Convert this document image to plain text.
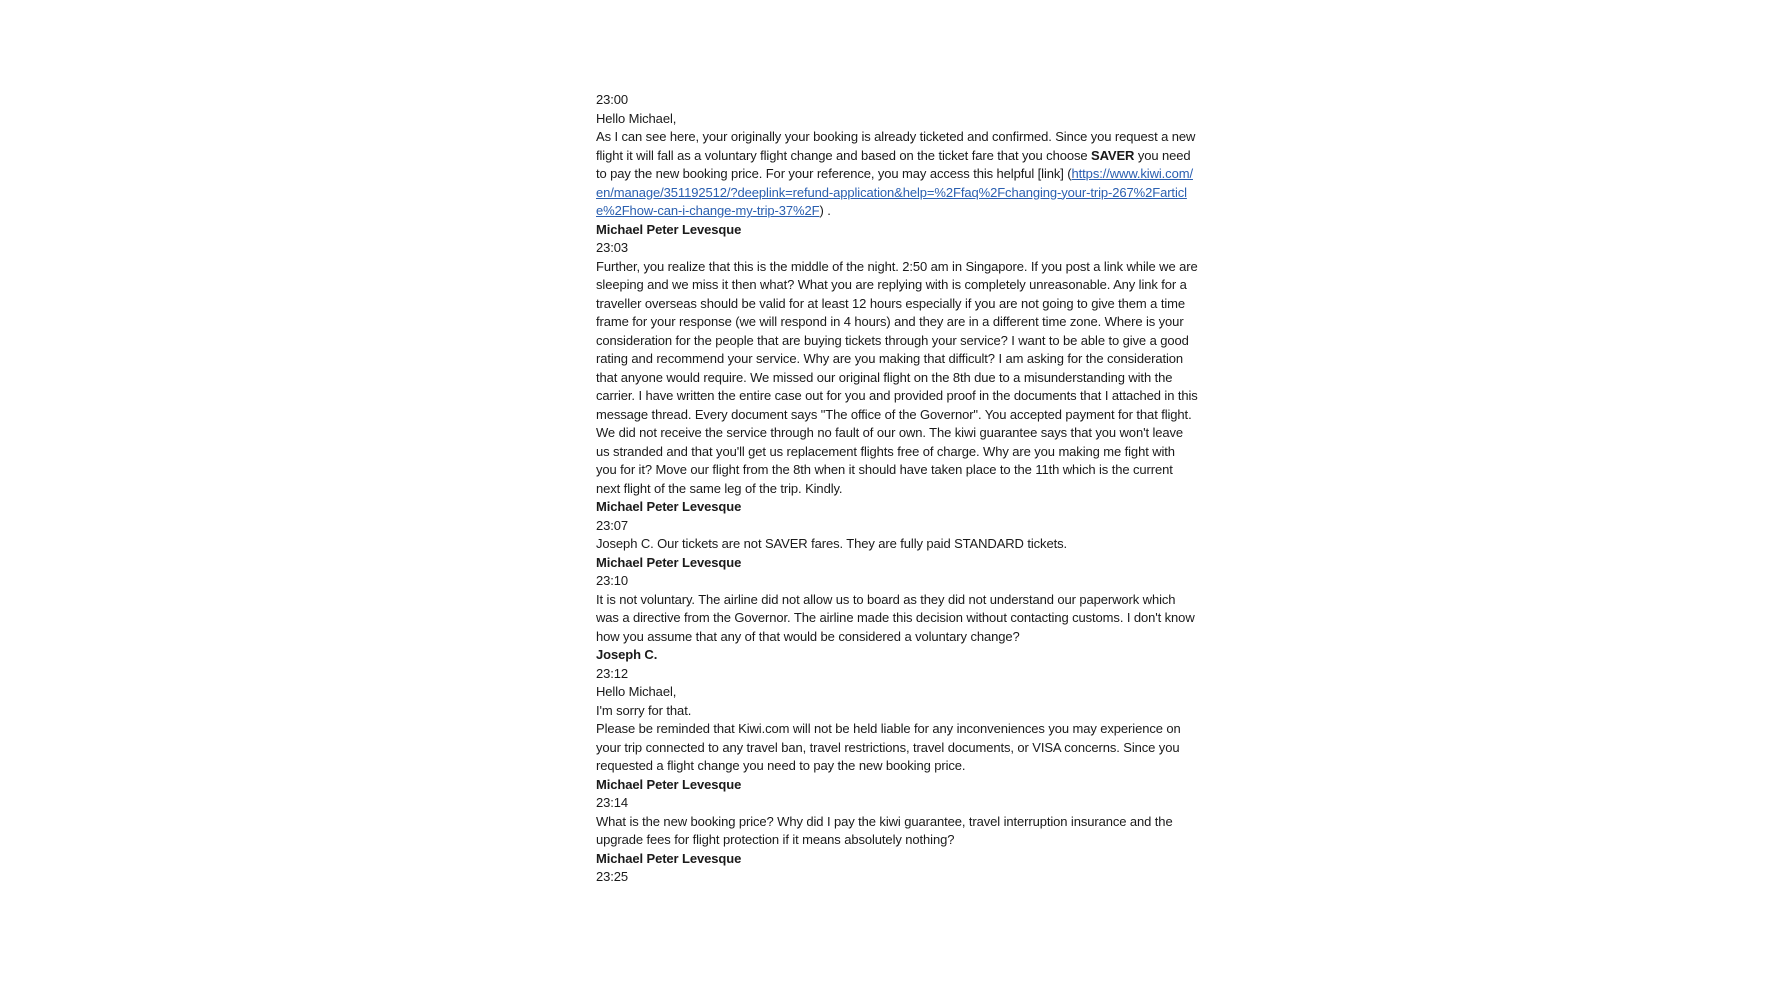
23:00

Hello Michael,

As I can see here, your originally your booking is already ticketed and confirmed. Since you request a new flight it will fall as a voluntary flight change and based on the ticket fare that you choose SAVER you need to pay the new booking price. For your reference, you may access this helpful [link] (https://www.kiwi.com/en/manage/351192512/?deeplink=refund-application&help=%2Ffaq%2Fchanging-your-trip-267%2Farticle%2Fhow-can-i-change-my-trip-37%2F) .

Michael Peter Levesque

23:03

Further, you realize that this is the middle of the night. 2:50 am in Singapore. If you post a link while we are sleeping and we miss it then what? What you are replying with is completely unreasonable. Any link for a traveller overseas should be valid for at least 12 hours especially if you are not going to give them a time frame for your response (we will respond in 4 hours) and they are in a different time zone. Where is your consideration for the people that are buying tickets through your service? I want to be able to give a good rating and recommend your service. Why are you making that difficult? I am asking for the consideration that anyone would require. We missed our original flight on the 8th due to a misunderstanding with the carrier. I have written the entire case out for you and provided proof in the documents that I attached in this message thread. Every document says "The office of the Governor". You accepted payment for that flight. We did not receive the service through no fault of our own. The kiwi guarantee says that you won't leave us stranded and that you'll get us replacement flights free of charge. Why are you making me fight with you for it? Move our flight from the 8th when it should have taken place to the 11th which is the current next flight of the same leg of the trip. Kindly.

Michael Peter Levesque

23:07

Joseph C. Our tickets are not SAVER fares. They are fully paid STANDARD tickets.

Michael Peter Levesque

23:10

It is not voluntary. The airline did not allow us to board as they did not understand our paperwork which was a directive from the Governor. The airline made this decision without contacting customs. I don't know how you assume that any of that would be considered a voluntary change?

Joseph C.

23:12

Hello Michael,

I'm sorry for that.

Please be reminded that Kiwi.com will not be held liable for any inconveniences you may experience on your trip connected to any travel ban, travel restrictions, travel documents, or VISA concerns. Since you requested a flight change you need to pay the new booking price.

Michael Peter Levesque

23:14

What is the new booking price? Why did I pay the kiwi guarantee, travel interruption insurance and the upgrade fees for flight protection if it means absolutely nothing?

Michael Peter Levesque

23:25
